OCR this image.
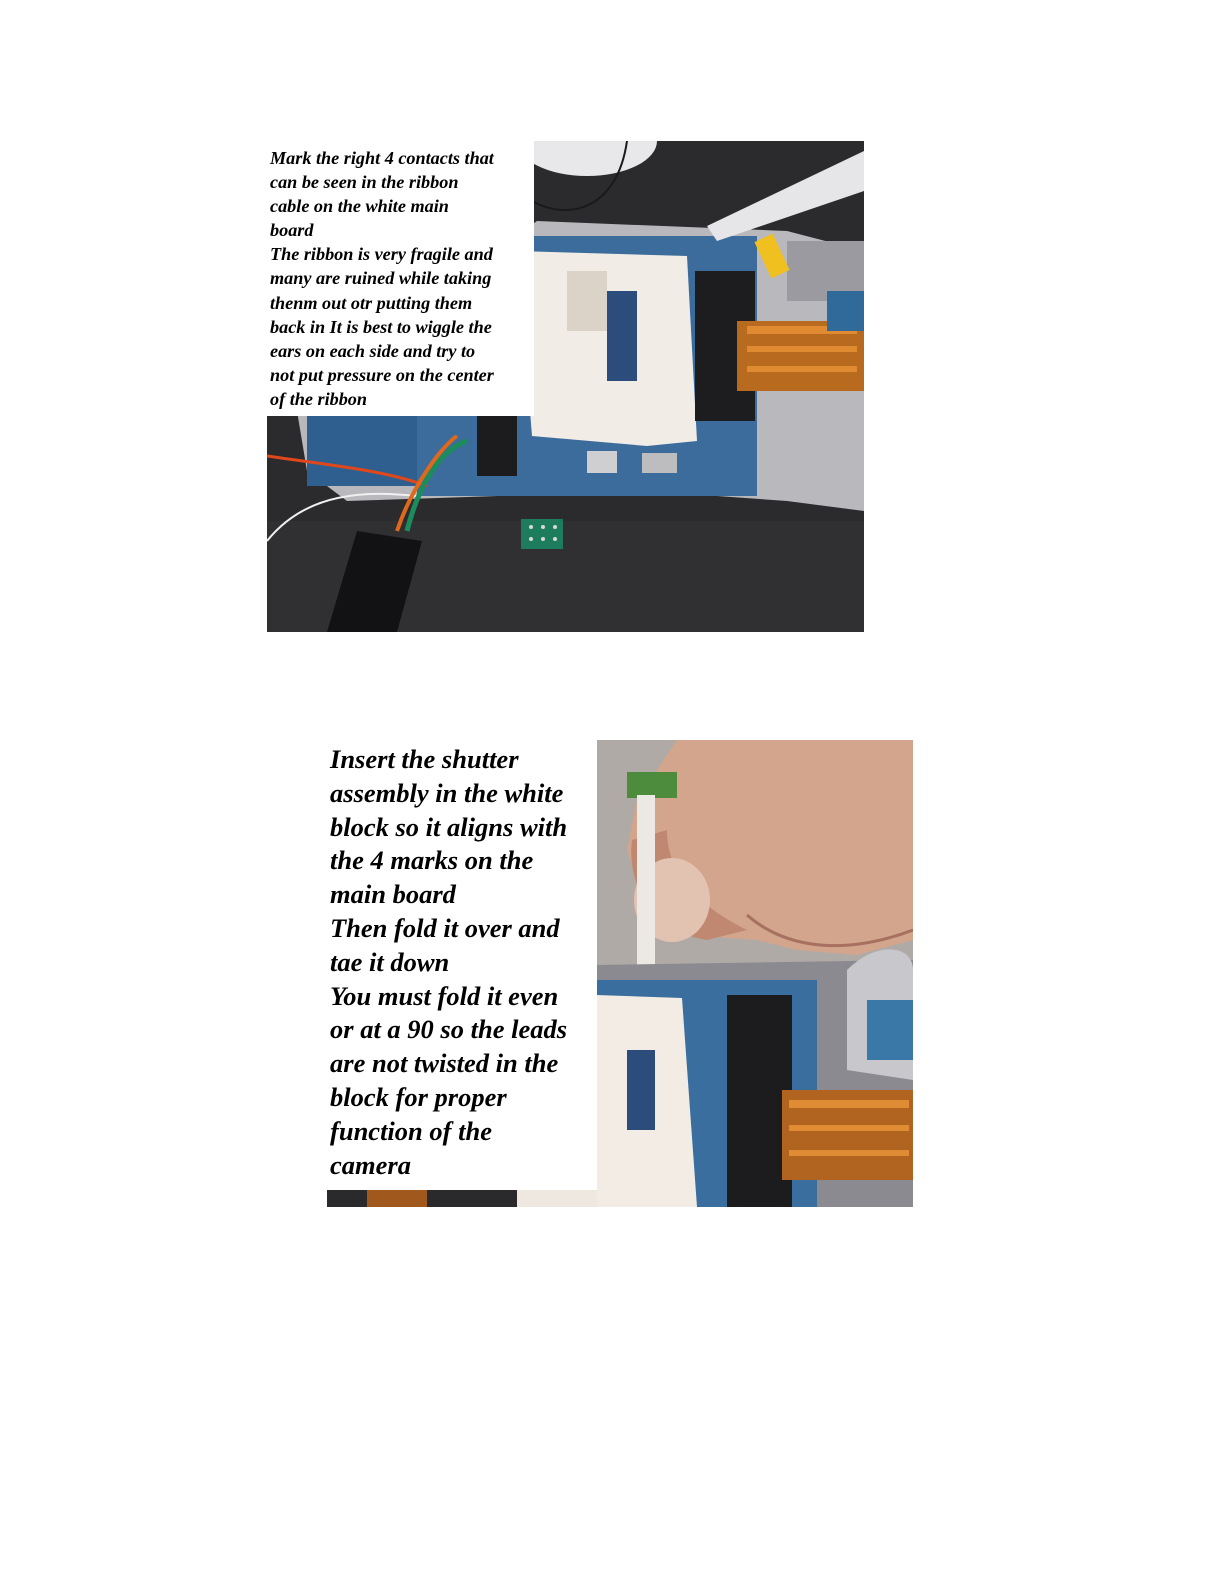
Mark the right 4 contacts that
can be seen in the ribbon
cable on the white main
board
The ribbon is very fragile and
many are ruined while taking
thenm out otr putting them
back in It is best to wiggle the
ears on each side and try to
not put pressure on the center
of the ribbon
Insert the shutter
assembly in the white
block so it aligns with
the 4 marks on the
main board
Then fold it over and
tae it down
You must fold it even
or at a 90 so the leads
are not twisted in the
block for proper
function of the
camera
